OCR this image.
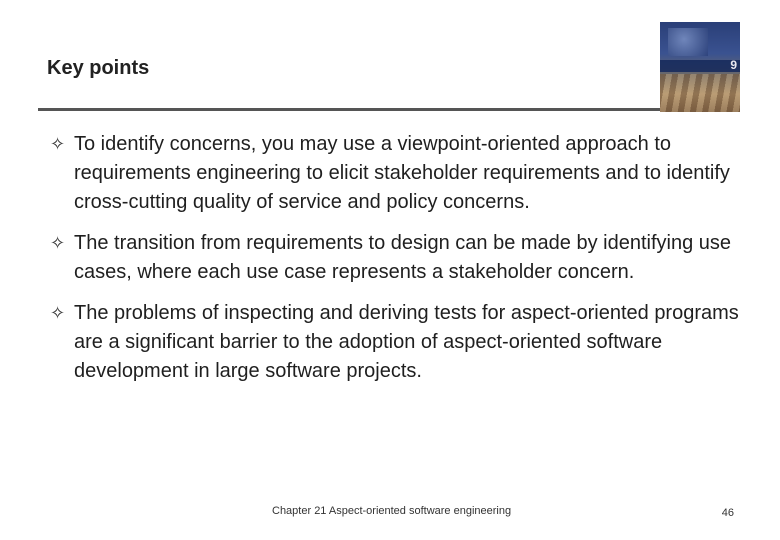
Key points	9
✧ To identify concerns, you may use a viewpoint-oriented approach to requirements engineering to elicit stakeholder requirements and to identify cross-cutting quality of service and policy concerns.
✧ The transition from requirements to design can be made by identifying use cases, where each use case represents a stakeholder concern.
✧ The problems of inspecting and deriving tests for aspect-oriented programs are a significant barrier to the adoption of aspect-oriented software development in large software projects.
Chapter 21 Aspect-oriented software engineering	46
